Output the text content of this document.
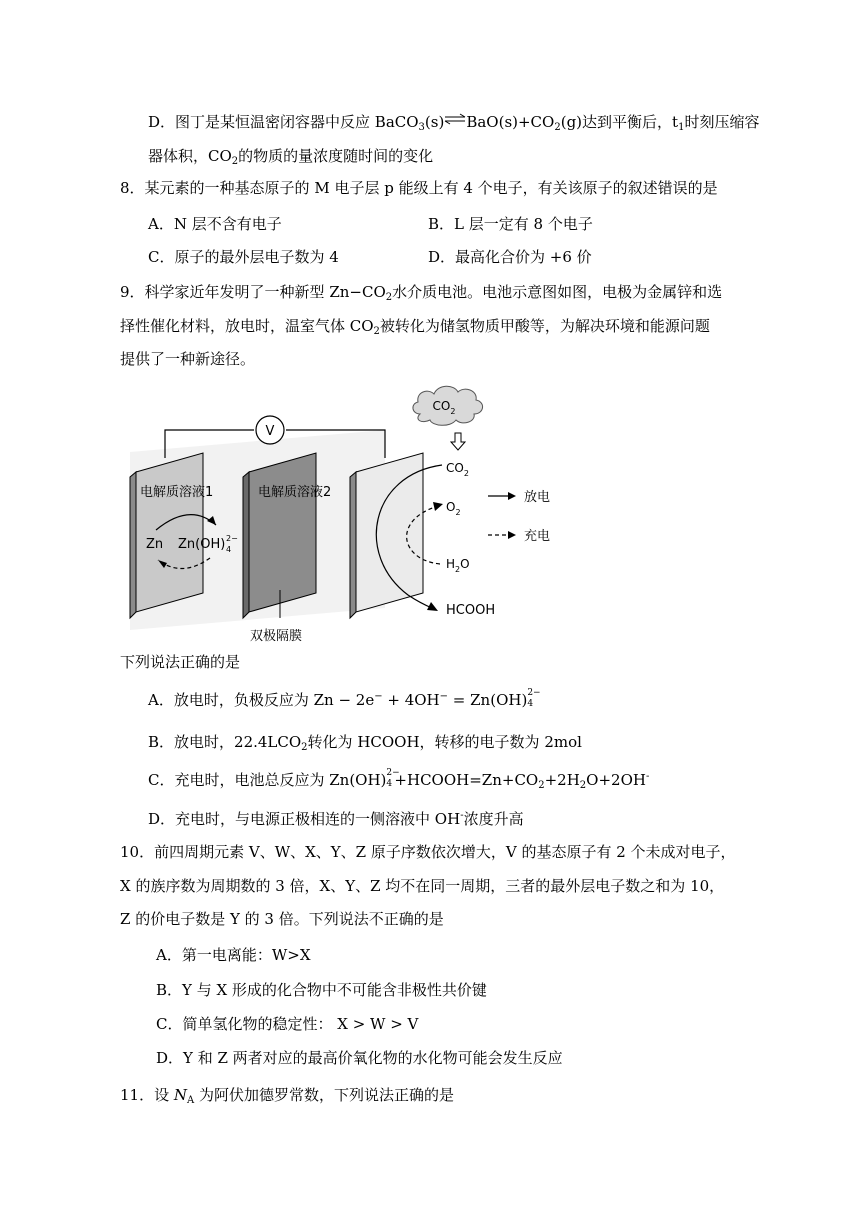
D．图丁是某恒温密闭容器中反应 $BaCO_3(s)\rightleftharpoons BaO(s)+CO_2(g)$达到平衡后，$t_1$时刻压缩容
器体积，$CO_2$的物质的量浓度随时间的变化
8．某元素的一种基态原子的 M 电子层 p 能级上有 4 个电子，有关该原子的叙述错误的是
A．N 层不含有电子	B．L 层一定有 8 个电子
C．原子的最外层电子数为 4	D．最高化合价为 +6 价
9．科学家近年发明了一种新型 $Zn-CO_2$水介质电池。电池示意图如图，电极为金属锌和选
择性催化材料，放电时，温室气体 $CO_2$被转化为储氢物质甲酸等，为解决环境和能源问题
提供了一种新途径。
V
电解质溶液1	电解质溶液2
Zn Zn(OH) 2−
4
双极隔膜
$CO_2$
$CO_2$
$O_2$
$H_2O$
HCOOH
放电
充电
下列说法正确的是
A．放电时，负极反应为 Zn − 2e− + 4OH− = Zn(OH) 2−
4
B．放电时，$22.4LCO_2$转化为 HCOOH，转移的电子数为 2mol
C．充电时，电池总反应为 Zn(OH) 2−
$4 +HCOOH=Zn+CO_2+2H_2O+2OH^-$
D．充电时，与电源正极相连的一侧溶液中 OH-浓度升高
10．前四周期元素 V、W、X、Y、Z 原子序数依次增大，V 的基态原子有 2 个未成对电子，
X 的族序数为周期数的 3 倍，X、Y、Z 均不在同一周期，三者的最外层电子数之和为 10，
Z 的价电子数是 Y 的 3 倍。下列说法不正确的是
A．第一电离能：W>X
B．Y 与 X 形成的化合物中不可能含非极性共价键
C．简单氢化物的稳定性： X > W > V
D．Y 和 Z 两者对应的最高价氧化物的水化物可能会发生反应
11．设 $N_A$ 为阿伏加德罗常数，下列说法正确的是
